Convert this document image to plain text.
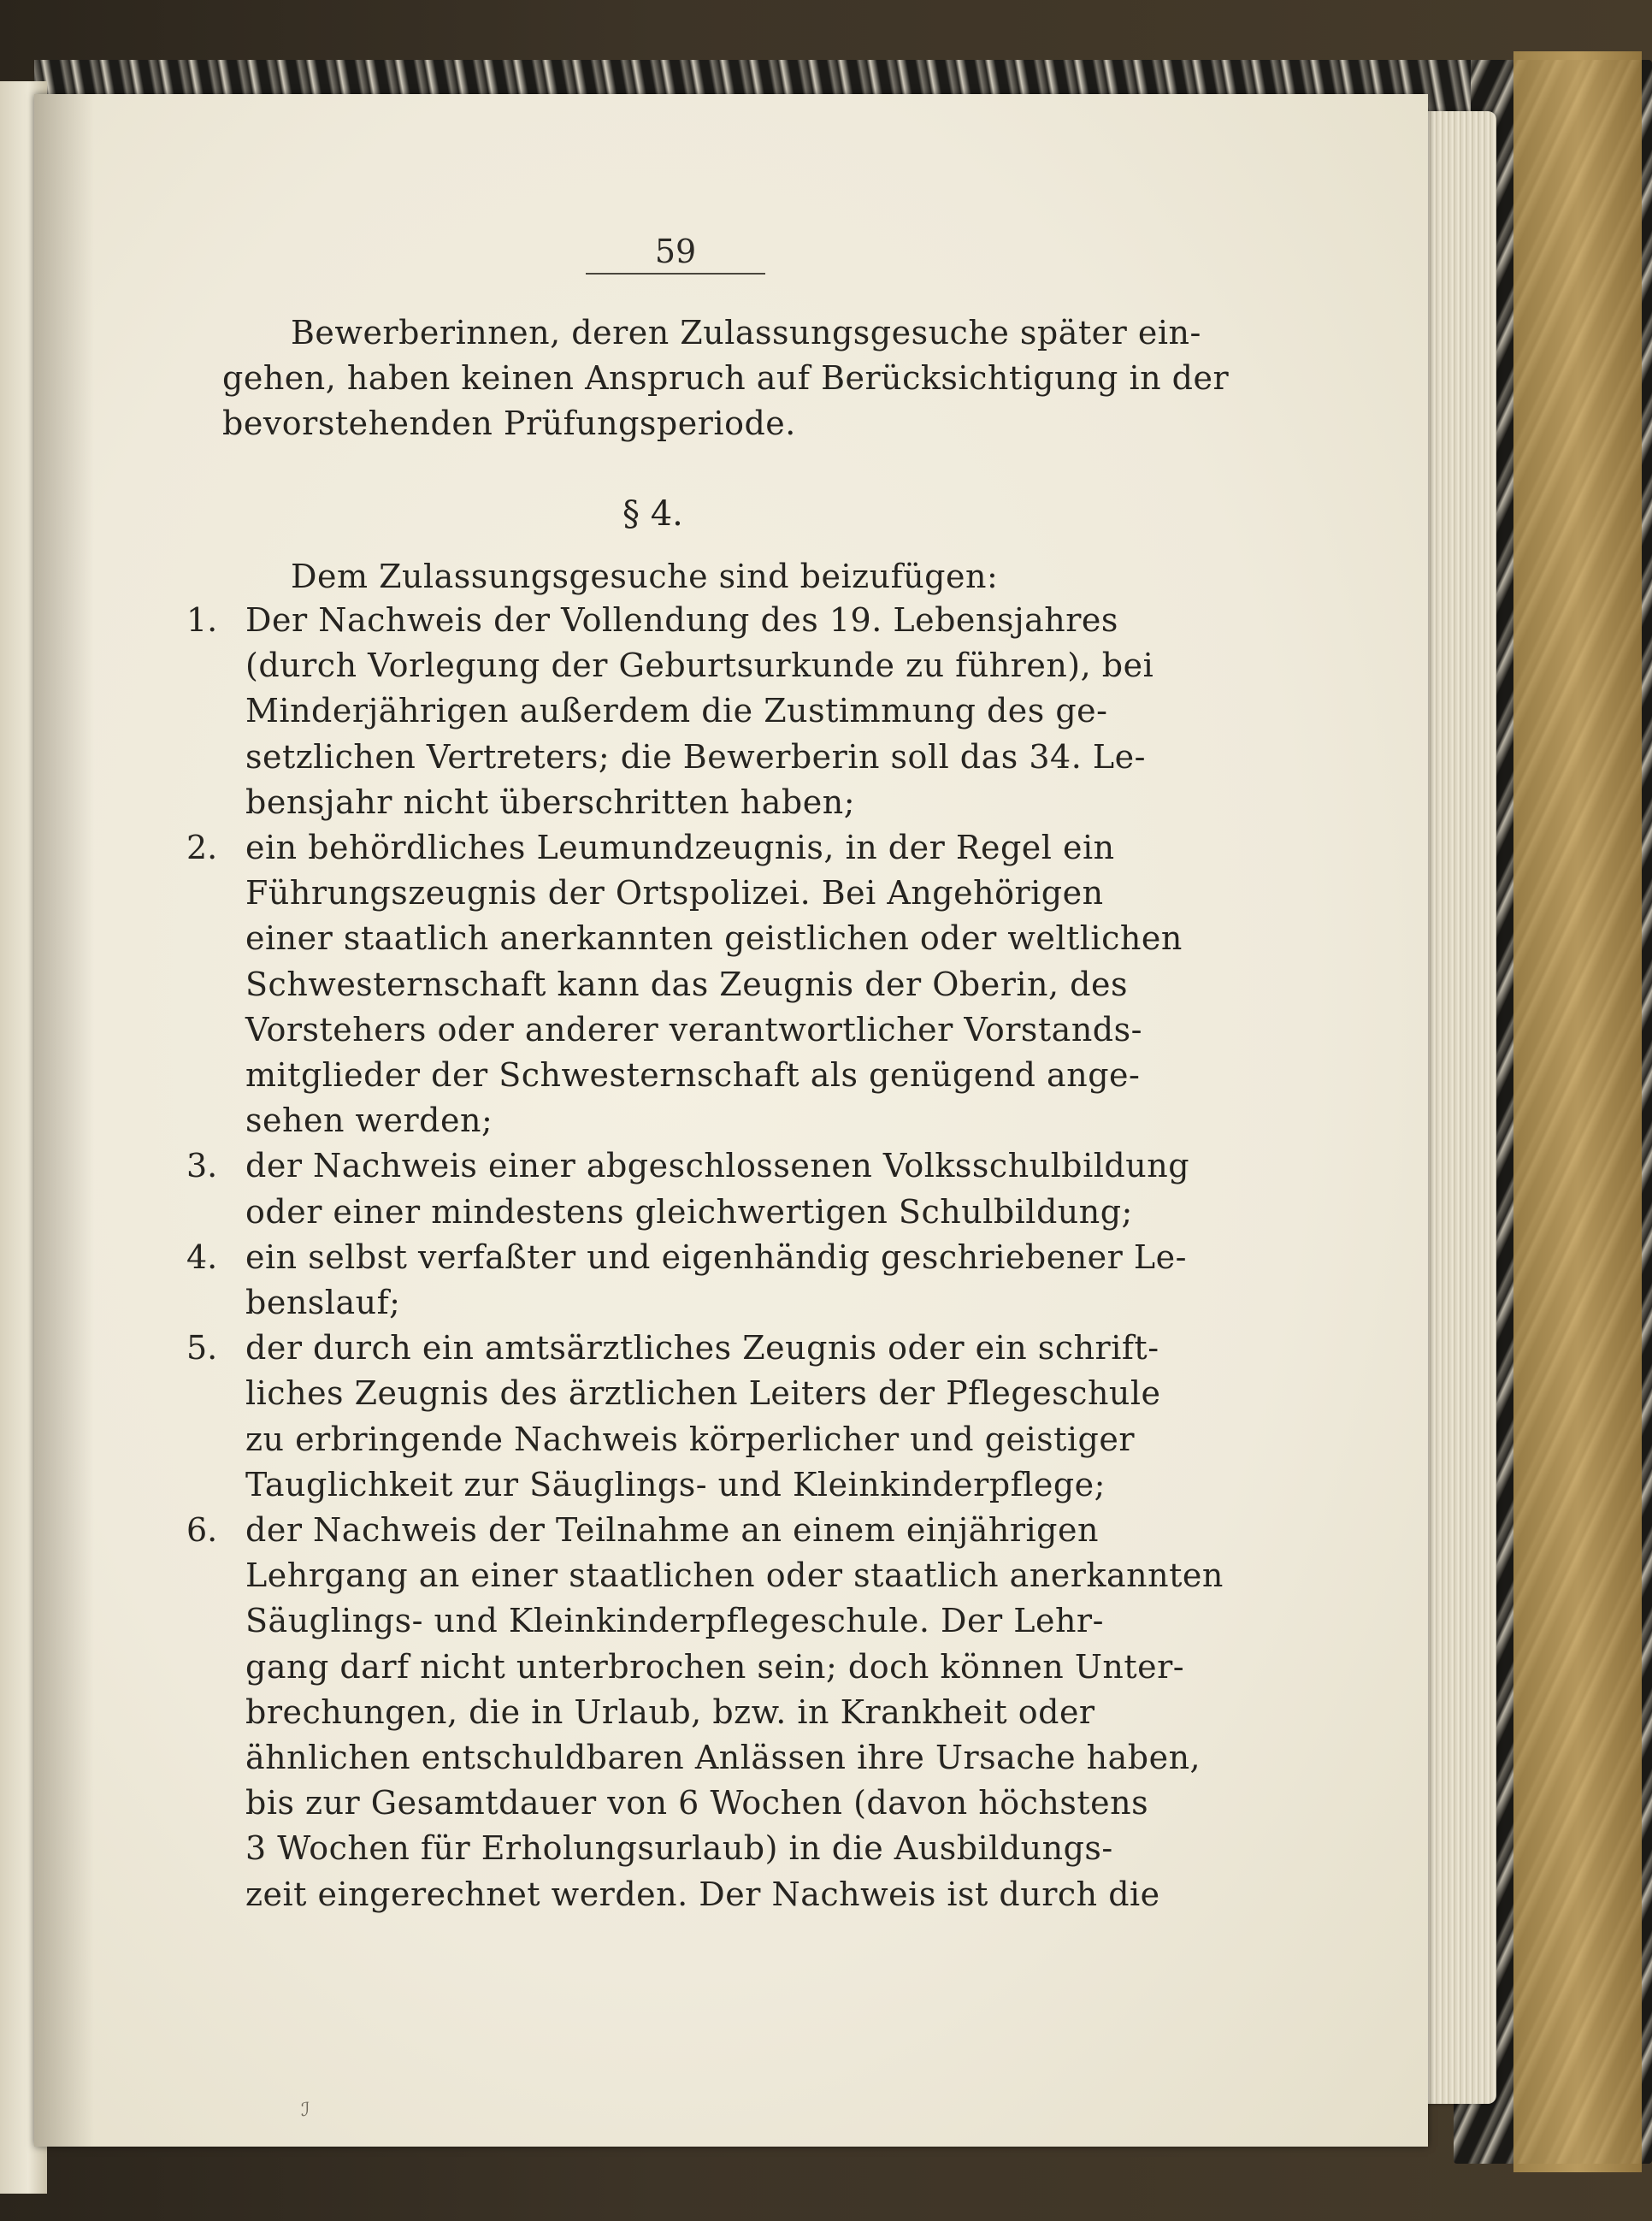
59
Bewerberinnen, deren Zulassungsgesuche später ein-
gehen, haben keinen Anspruch auf Berücksichtigung in der
bevorstehenden Prüfungsperiode.
§ 4.
Dem Zulassungsgesuche sind beizufügen:
1. Der Nachweis der Vollendung des 19. Lebensjahres
(durch Vorlegung der Geburtsurkunde zu führen), bei
Minderjährigen außerdem die Zustimmung des ge-
setzlichen Vertreters; die Bewerberin soll das 34. Le-
bensjahr nicht überschritten haben;
2. ein behördliches Leumundzeugnis, in der Regel ein
Führungszeugnis der Ortspolizei. Bei Angehörigen
einer staatlich anerkannten geistlichen oder weltlichen
Schwesternschaft kann das Zeugnis der Oberin, des
Vorstehers oder anderer verantwortlicher Vorstands-
mitglieder der Schwesternschaft als genügend ange-
sehen werden;
3. der Nachweis einer abgeschlossenen Volksschulbildung
oder einer mindestens gleichwertigen Schulbildung;
4. ein selbst verfaßter und eigenhändig geschriebener Le-
benslauf;
5. der durch ein amtsärztliches Zeugnis oder ein schrift-
liches Zeugnis des ärztlichen Leiters der Pflegeschule
zu erbringende Nachweis körperlicher und geistiger
Tauglichkeit zur Säuglings- und Kleinkinderpflege;
6. der Nachweis der Teilnahme an einem einjährigen
Lehrgang an einer staatlichen oder staatlich anerkannten
Säuglings- und Kleinkinderpflegeschule. Der Lehr-
gang darf nicht unterbrochen sein; doch können Unter-
brechungen, die in Urlaub, bzw. in Krankheit oder
ähnlichen entschuldbaren Anlässen ihre Ursache haben,
bis zur Gesamtdauer von 6 Wochen (davon höchstens
3 Wochen für Erholungsurlaub) in die Ausbildungs-
zeit eingerechnet werden. Der Nachweis ist durch die
ℐ
